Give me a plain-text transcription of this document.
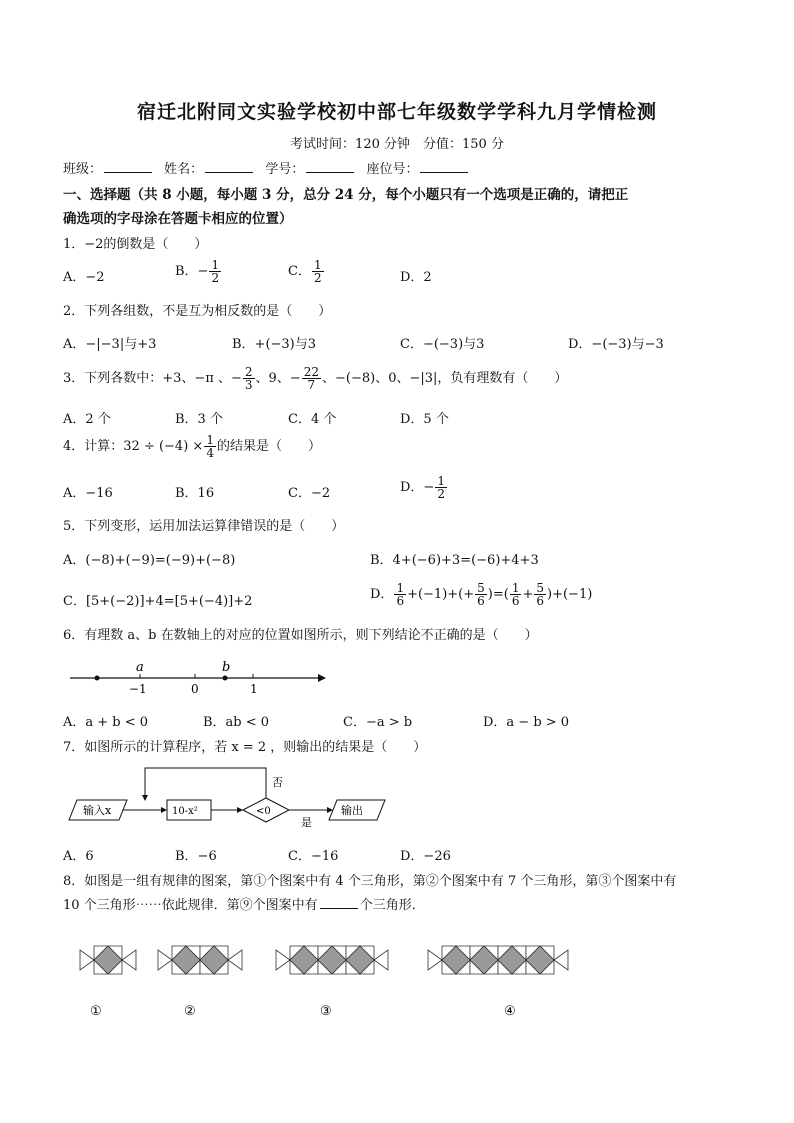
宿迁北附同文实验学校初中部七年级数学学科九月学情检测
考试时间：120 分钟　分值：150 分
班级：	姓名：	学号：	座位号：
一、选择题（共 8 小题，每小题 3 分，总分 24 分，每个小题只有一个选项是正确的，请把正
确选项的字母涂在答题卡相应的位置）
1．−2的倒数是（　　）
A．−2	B．− $\frac{1}{2}$	C． $\frac{1}{2}$	D．2
2．下列各组数，不是互为相反数的是（　　）
A．−|−3|与+3	B．+(−3)与3	C．−(−3)与3	D．−(−3)与−3
3．下列各数中：+3、−π 、− $\frac{2}{3}$ 、9、− $\frac{22}{7}$ 、−(−8)、0、−|3|，负有理数有（　　）
A．2 个	B．3 个	C．4 个	D．5 个
4．计算：$32 \div (-4) \times \frac{1}{4}$ 的结果是（　　）
A．−16	B．16	C．−2	D．− $\frac{1}{2}$
5．下列变形，运用加法运算律错误的是（　　）
A．(−8)+(−9)=(−9)+(−8)	B．4+(−6)+3=(−6)+4+3
C．[5+(−2)]+4=[5+(−4)]+2	D． $\frac{1}{6} +(-1)+(+ \frac{5}{6}$ )=( $\frac{1}{6} + \frac{5}{6} )+(-1)$
6．有理数 a、b 在数轴上的对应的位置如图所示，则下列结论不正确的是（　　）
a	b
−1	0	1
A．a + b < 0	B．ab < 0	C．−a > b	D．a − b > 0
7．如图所示的计算程序，若 x = 2 ，则输出的结果是（　　）
输入x	10-x²	<0	输出
否
是
A．6	B．−6	C．−16	D．−26
8．如图是一组有规律的图案，第①个图案中有 4 个三角形，第②个图案中有 7 个三角形，第③个图案中有
10 个三角形⋯⋯依此规律．第⑨个图案中有	个三角形．
①	②	③	④
